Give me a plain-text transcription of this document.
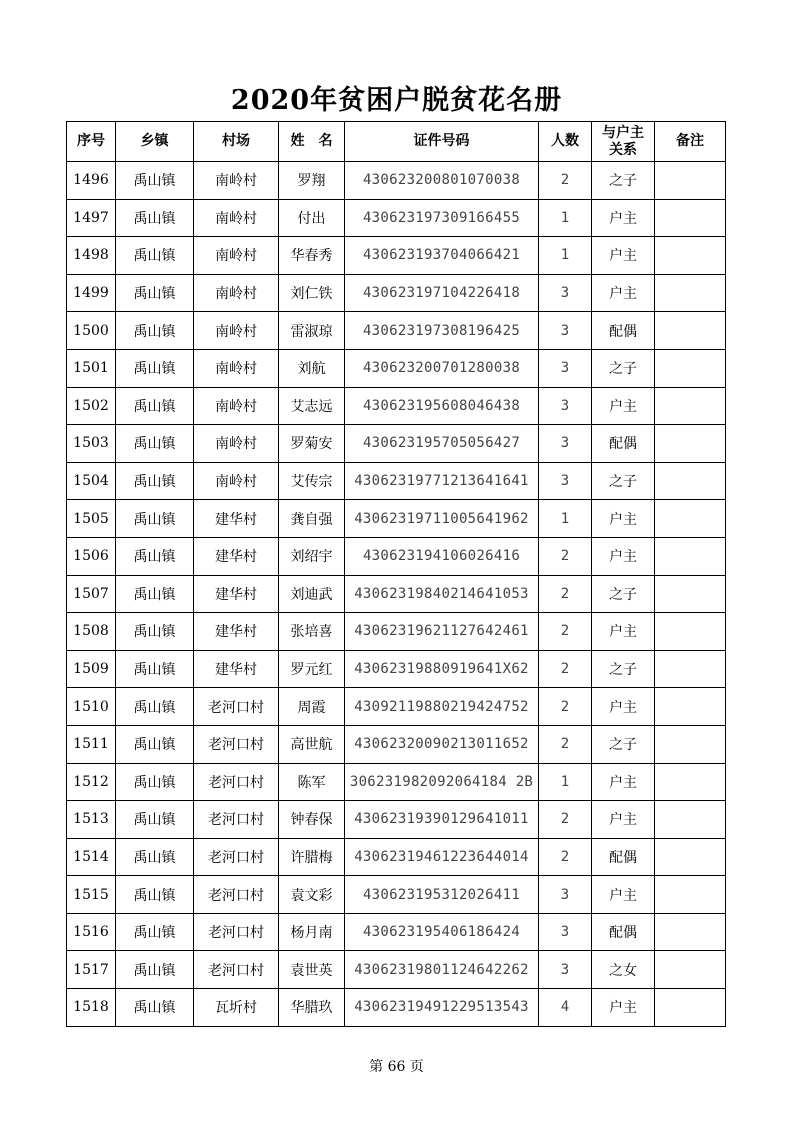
2020年贫困户脱贫花名册
序号	乡镇	村场	姓　名	证件号码	人数	与户主关系	备注
1496	禹山镇	南岭村	罗翔	430623200801070038	2	之子	
1497	禹山镇	南岭村	付出	430623197309166455	1	户主	
1498	禹山镇	南岭村	华春秀	430623193704066421	1	户主	
1499	禹山镇	南岭村	刘仁铁	430623197104226418	3	户主	
1500	禹山镇	南岭村	雷淑琼	430623197308196425	3	配偶	
1501	禹山镇	南岭村	刘航	430623200701280038	3	之子	
1502	禹山镇	南岭村	艾志远	430623195608046438	3	户主	
1503	禹山镇	南岭村	罗菊安	430623195705056427	3	配偶	
1504	禹山镇	南岭村	艾传宗	43062319771213641641	3	之子	
1505	禹山镇	建华村	龚自强	43062319711005641962	1	户主	
1506	禹山镇	建华村	刘绍宇	430623194106026416	2	户主	
1507	禹山镇	建华村	刘迪武	43062319840214641053	2	之子	
1508	禹山镇	建华村	张培喜	43062319621127642461	2	户主	
1509	禹山镇	建华村	罗元红	43062319880919641X62	2	之子	
1510	禹山镇	老河口村	周霞	43092119880219424752	2	户主	
1511	禹山镇	老河口村	高世航	43062320090213011652	2	之子	
1512	禹山镇	老河口村	陈军	306231982092064184 2B	1	户主	
1513	禹山镇	老河口村	钟春保	43062319390129641011	2	户主	
1514	禹山镇	老河口村	许腊梅	43062319461223644014	2	配偶	
1515	禹山镇	老河口村	袁文彩	430623195312026411	3	户主	
1516	禹山镇	老河口村	杨月南	430623195406186424	3	配偶	
1517	禹山镇	老河口村	袁世英	43062319801124642262	3	之女	
1518	禹山镇	瓦圻村	华腊玖	43062319491229513543	4	户主	
第 66 页
